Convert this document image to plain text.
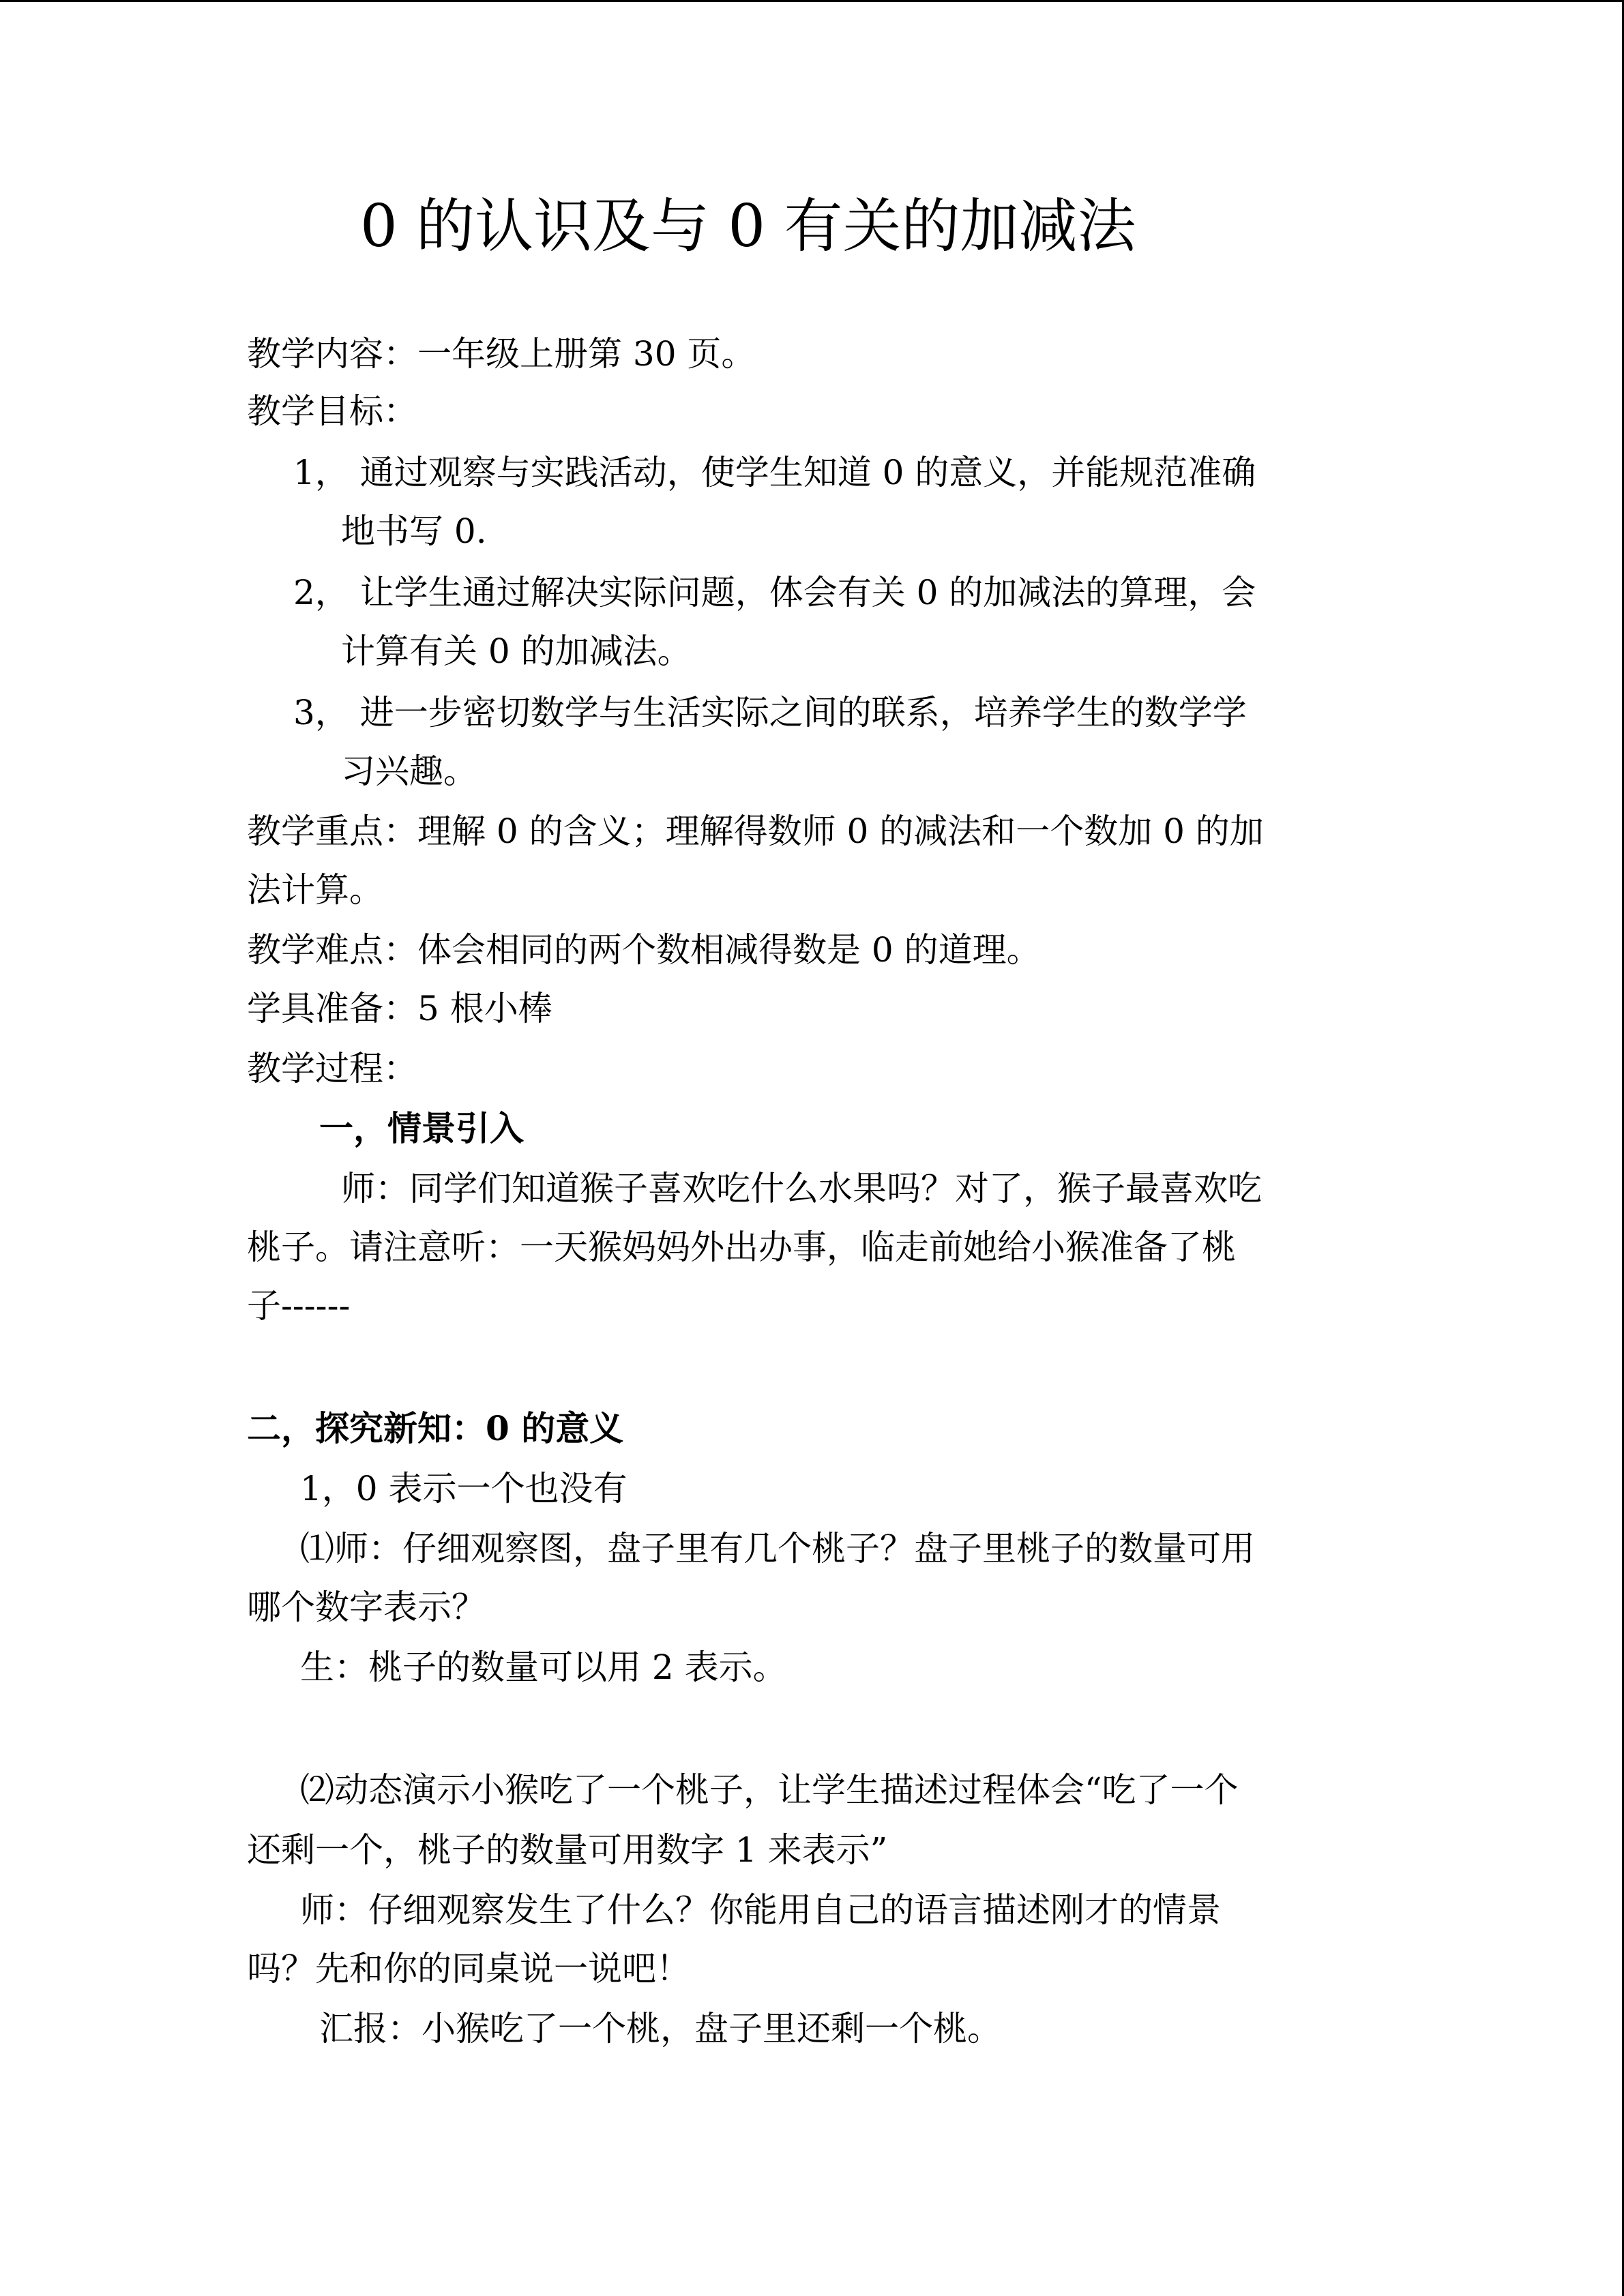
0 的认识及与 0 有关的加减法

教学内容：一年级上册第 30 页。

教学目标：

1， 通过观察与实践活动，使学生知道 0 的意义，并能规范准确

地书写 0.

2， 让学生通过解决实际问题，体会有关 0 的加减法的算理，会

计算有关 0 的加减法。

3， 进一步密切数学与生活实际之间的联系，培养学生的数学学

习兴趣。

教学重点：理解 0 的含义；理解得数师 0 的减法和一个数加 0 的加

法计算。

教学难点：体会相同的两个数相减得数是 0 的道理。

学具准备：5 根小棒

教学过程：

一，情景引入

师：同学们知道猴子喜欢吃什么水果吗？对了，猴子最喜欢吃

桃子。请注意听：一天猴妈妈外出办事，临走前她给小猴准备了桃

子------

二，探究新知：0 的意义

1，0 表示一个也没有

⑴师：仔细观察图，盘子里有几个桃子？盘子里桃子的数量可用

哪个数字表示？

生：桃子的数量可以用 2 表示。

⑵动态演示小猴吃了一个桃子，让学生描述过程体会“吃了一个

还剩一个，桃子的数量可用数字 1 来表示”

师：仔细观察发生了什么？你能用自己的语言描述刚才的情景

吗？先和你的同桌说一说吧！

汇报：小猴吃了一个桃，盘子里还剩一个桃。
